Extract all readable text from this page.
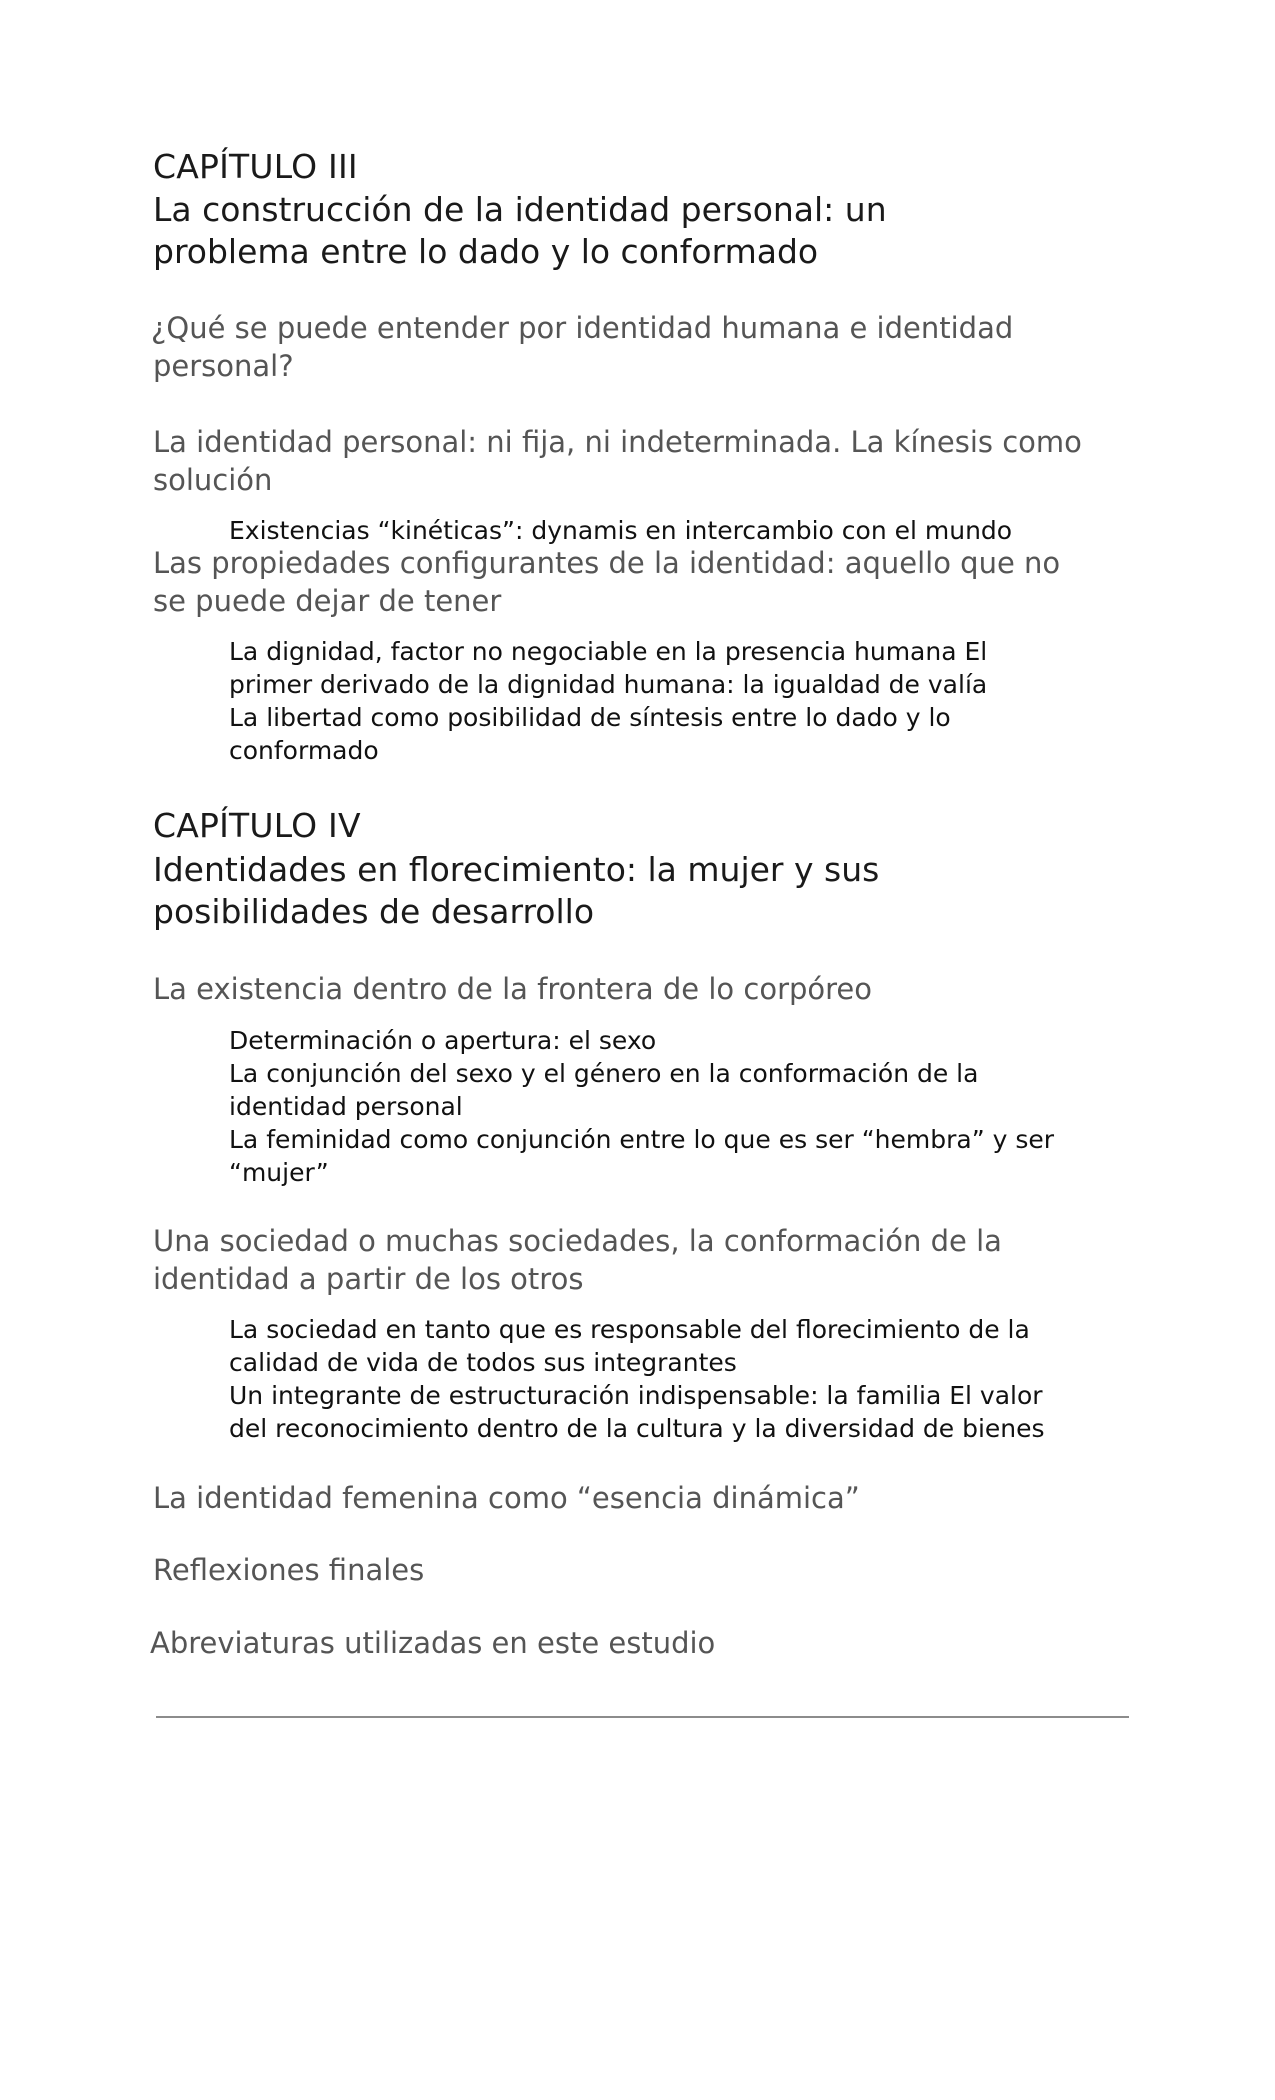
CAPÍTULO III
La construcción de la identidad personal: un
problema entre lo dado y lo conformado
¿Qué se puede entender por identidad humana e identidad
personal?
La identidad personal: ni fija, ni indeterminada. La kínesis como
solución
Existencias “kinéticas”: dynamis en intercambio con el mundo
Las propiedades configurantes de la identidad: aquello que no
se puede dejar de tener
La dignidad, factor no negociable en la presencia humana El
primer derivado de la dignidad humana: la igualdad de valía
La libertad como posibilidad de síntesis entre lo dado y lo
conformado
CAPÍTULO IV
Identidades en florecimiento: la mujer y sus
posibilidades de desarrollo
La existencia dentro de la frontera de lo corpóreo
Determinación o apertura: el sexo
La conjunción del sexo y el género en la conformación de la
identidad personal
La feminidad como conjunción entre lo que es ser “hembra” y ser
“mujer”
Una sociedad o muchas sociedades, la conformación de la
identidad a partir de los otros
La sociedad en tanto que es responsable del florecimiento de la
calidad de vida de todos sus integrantes
Un integrante de estructuración indispensable: la familia El valor
del reconocimiento dentro de la cultura y la diversidad de bienes
La identidad femenina como “esencia dinámica”
Reflexiones finales
Abreviaturas utilizadas en este estudio
